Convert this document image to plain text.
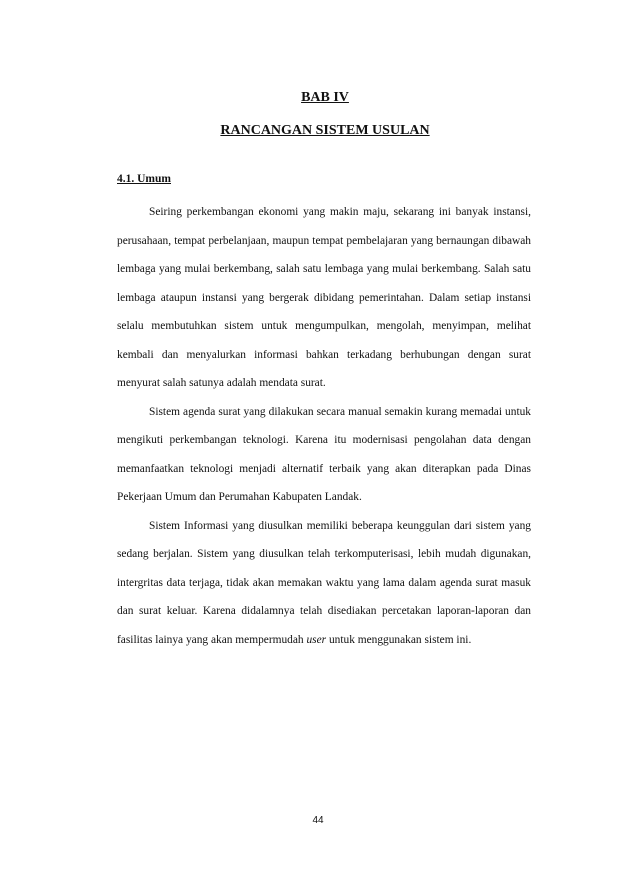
BAB IV
RANCANGAN SISTEM USULAN
4.1. Umum

Seiring perkembangan ekonomi yang makin maju, sekarang ini banyak instansi, perusahaan, tempat perbelanjaan, maupun tempat pembelajaran yang bernaungan dibawah lembaga yang mulai berkembang, salah satu lembaga yang mulai berkembang. Salah satu lembaga ataupun instansi yang bergerak dibidang pemerintahan. Dalam setiap instansi selalu membutuhkan sistem untuk mengumpulkan, mengolah, menyimpan, melihat kembali dan menyalurkan informasi bahkan terkadang berhubungan dengan surat menyurat salah satunya adalah mendata surat.

Sistem agenda surat yang dilakukan secara manual semakin kurang memadai untuk mengikuti perkembangan teknologi. Karena itu modernisasi pengolahan data dengan memanfaatkan teknologi menjadi alternatif terbaik yang akan diterapkan pada Dinas Pekerjaan Umum dan Perumahan Kabupaten Landak.

Sistem Informasi yang diusulkan memiliki beberapa keunggulan dari sistem yang sedang berjalan. Sistem yang diusulkan telah terkomputerisasi, lebih mudah digunakan, intergritas data terjaga, tidak akan memakan waktu yang lama dalam agenda surat masuk dan surat keluar. Karena didalamnya telah disediakan percetakan laporan-laporan dan fasilitas lainya yang akan mempermudah user untuk menggunakan sistem ini.

44
